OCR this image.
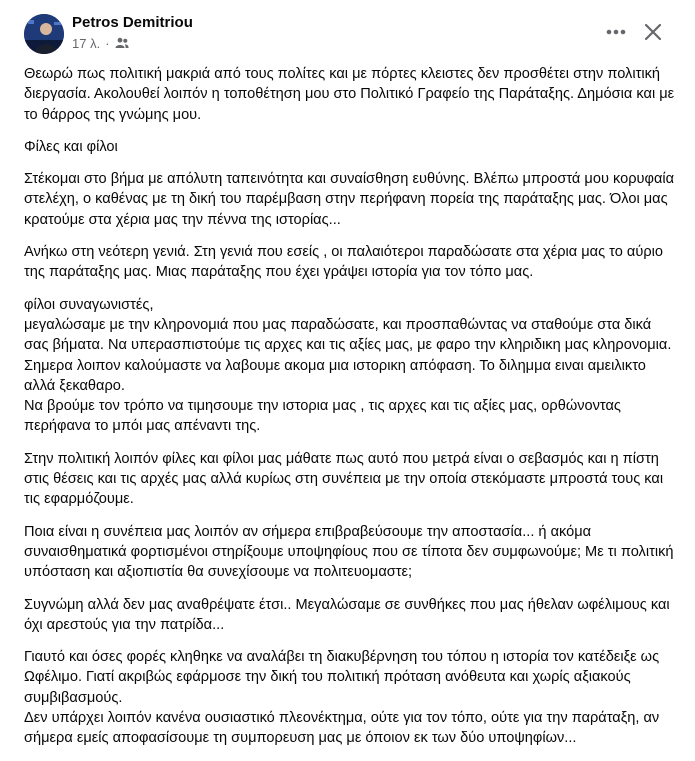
Petros Demitriou
17 λ. ·

Θεωρώ πως πολιτική μακριά από τους πολίτες και με πόρτες κλειστες δεν προσθέτει στην πολιτική διεργασία. Ακολουθεί λοιπόν η τοποθέτηση μου στο Πολιτικό Γραφείο της Παράταξης. Δημόσια και με το θάρρος της γνώμης μου.

Φίλες και φίλοι

Στέκομαι στο βήμα με απόλυτη ταπεινότητα και συναίσθηση ευθύνης. Βλέπω μπροστά μου κορυφαία στελέχη, ο καθένας με τη δική του παρέμβαση στην περήφανη πορεία της παράταξης μας. Όλοι μας κρατούμε στα χέρια μας την πέννα της ιστορίας...

Ανήκω στη νεότερη γενιά. Στη γενιά που εσείς , οι παλαιότεροι παραδώσατε στα χέρια μας το αύριο της παράταξης μας. Μιας παράταξης που έχει γράψει ιστορία για τον τόπο μας.

φίλοι συναγωνιστές,
μεγαλώσαμε με την κληρονομιά που μας παραδώσατε, και προσπαθώντας να σταθούμε στα δικά σας βήματα. Να υπερασπιστούμε τις αρχες και τις αξίες μας, με φαρο την κληριδικη μας κληρονομια.
Σημερα λοιπον καλούμαστε να λαβουμε ακομα μια ιστορικη απόφαση. Το διλημμα ειναι αμειλικτο αλλά ξεκαθαρο.
Να βρούμε τον τρόπο να τιμησουμε την ιστορια μας , τις αρχες και τις αξίες μας, ορθώνοντας περήφανα το μπόι μας απέναντι της.

Στην πολιτική λοιπόν φίλες και φίλοι μας μάθατε πως αυτό που μετρά είναι ο σεβασμός και η πίστη στις θέσεις και τις αρχές μας αλλά κυρίως στη συνέπεια με την οποία στεκόμαστε μπροστά τους και τις εφαρμόζουμε.

Ποια είναι η συνέπεια μας λοιπόν αν σήμερα επιβραβεύσουμε την αποστασία... ή ακόμα συναισθηματικά φορτισμένοι στηρίξουμε υποψηφίους που σε τίποτα δεν συμφωνούμε; Με τι πολιτική υπόσταση και αξιοπιστία θα συνεχίσουμε να πολιτευομαστε;

Συγνώμη αλλά δεν μας αναθρέψατε έτσι.. Μεγαλώσαμε σε συνθήκες που μας ήθελαν ωφέλιμους και όχι αρεστούς για την πατρίδα...

Γιαυτό και όσες φορές κληθηκε να αναλάβει τη διακυβέρνηση του τόπου η ιστορία τον κατέδειξε ως Ωφέλιμο. Γιατί ακριβώς εφάρμοσε την δική του πολιτική πρόταση ανόθευτα και χωρίς αξιακούς συμβιβασμούς.
Δεν υπάρχει λοιπόν κανένα ουσιαστικό πλεονέκτημα, ούτε για τον τόπο, ούτε για την παράταξη, αν σήμερα εμείς αποφασίσουμε τη συμπορευση μας με όποιον εκ των δύο υποψηφίων...
